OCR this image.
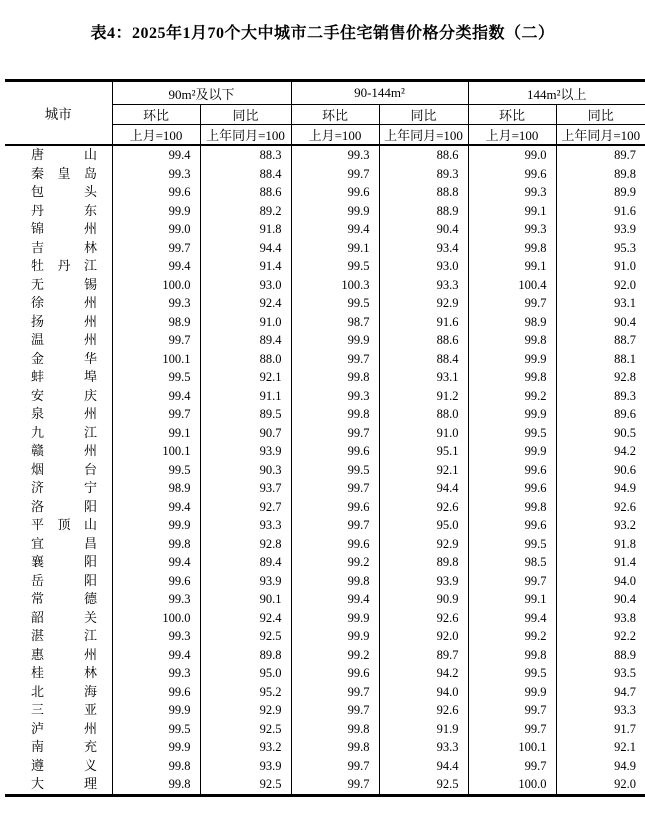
表4：2025年1月70个大中城市二手住宅销售价格分类指数（二）
城市	90m²及以下		90-144m²		144m²以上	
	环比	同比	环比	同比	环比	同比
	上月=100	上年同月=100	上月=100	上年同月=100	上月=100	上年同月=100

唐 山	99.4	88.3	99.3	88.6	99.0	89.7

秦 皇 岛	99.3	88.4	99.7	89.3	99.6	89.8

包 头	99.6	88.6	99.6	88.8	99.3	89.9

丹 东	99.9	89.2	99.9	88.9	99.1	91.6

锦 州	99.0	91.8	99.4	90.4	99.3	93.9

吉 林	99.7	94.4	99.1	93.4	99.8	95.3

牡 丹 江	99.4	91.4	99.5	93.0	99.1	91.0

无 锡	100.0	93.0	100.3	93.3	100.4	92.0

徐 州	99.3	92.4	99.5	92.9	99.7	93.1

扬 州	98.9	91.0	98.7	91.6	98.9	90.4

温 州	99.7	89.4	99.9	88.6	99.8	88.7

金 华	100.1	88.0	99.7	88.4	99.9	88.1

蚌 埠	99.5	92.1	99.8	93.1	99.8	92.8

安 庆	99.4	91.1	99.3	91.2	99.2	89.3

泉 州	99.7	89.5	99.8	88.0	99.9	89.6

九 江	99.1	90.7	99.7	91.0	99.5	90.5

赣 州	100.1	93.9	99.6	95.1	99.9	94.2

烟 台	99.5	90.3	99.5	92.1	99.6	90.6

济 宁	98.9	93.7	99.7	94.4	99.6	94.9

洛 阳	99.4	92.7	99.6	92.6	99.8	92.6

平 顶 山	99.9	93.3	99.7	95.0	99.6	93.2

宜 昌	99.8	92.8	99.6	92.9	99.5	91.8

襄 阳	99.4	89.4	99.2	89.8	98.5	91.4

岳 阳	99.6	93.9	99.8	93.9	99.7	94.0

常 德	99.3	90.1	99.4	90.9	99.1	90.4

韶 关	100.0	92.4	99.9	92.6	99.4	93.8

湛 江	99.3	92.5	99.9	92.0	99.2	92.2

惠 州	99.4	89.8	99.2	89.7	99.8	88.9

桂 林	99.3	95.0	99.6	94.2	99.5	93.5

北 海	99.6	95.2	99.7	94.0	99.9	94.7

三 亚	99.9	92.9	99.7	92.6	99.7	93.3

泸 州	99.5	92.5	99.8	91.9	99.7	91.7

南 充	99.9	93.2	99.8	93.3	100.1	92.1

遵 义	99.8	93.9	99.7	94.4	99.7	94.9

大 理	99.8	92.5	99.7	92.5	100.0	92.0
